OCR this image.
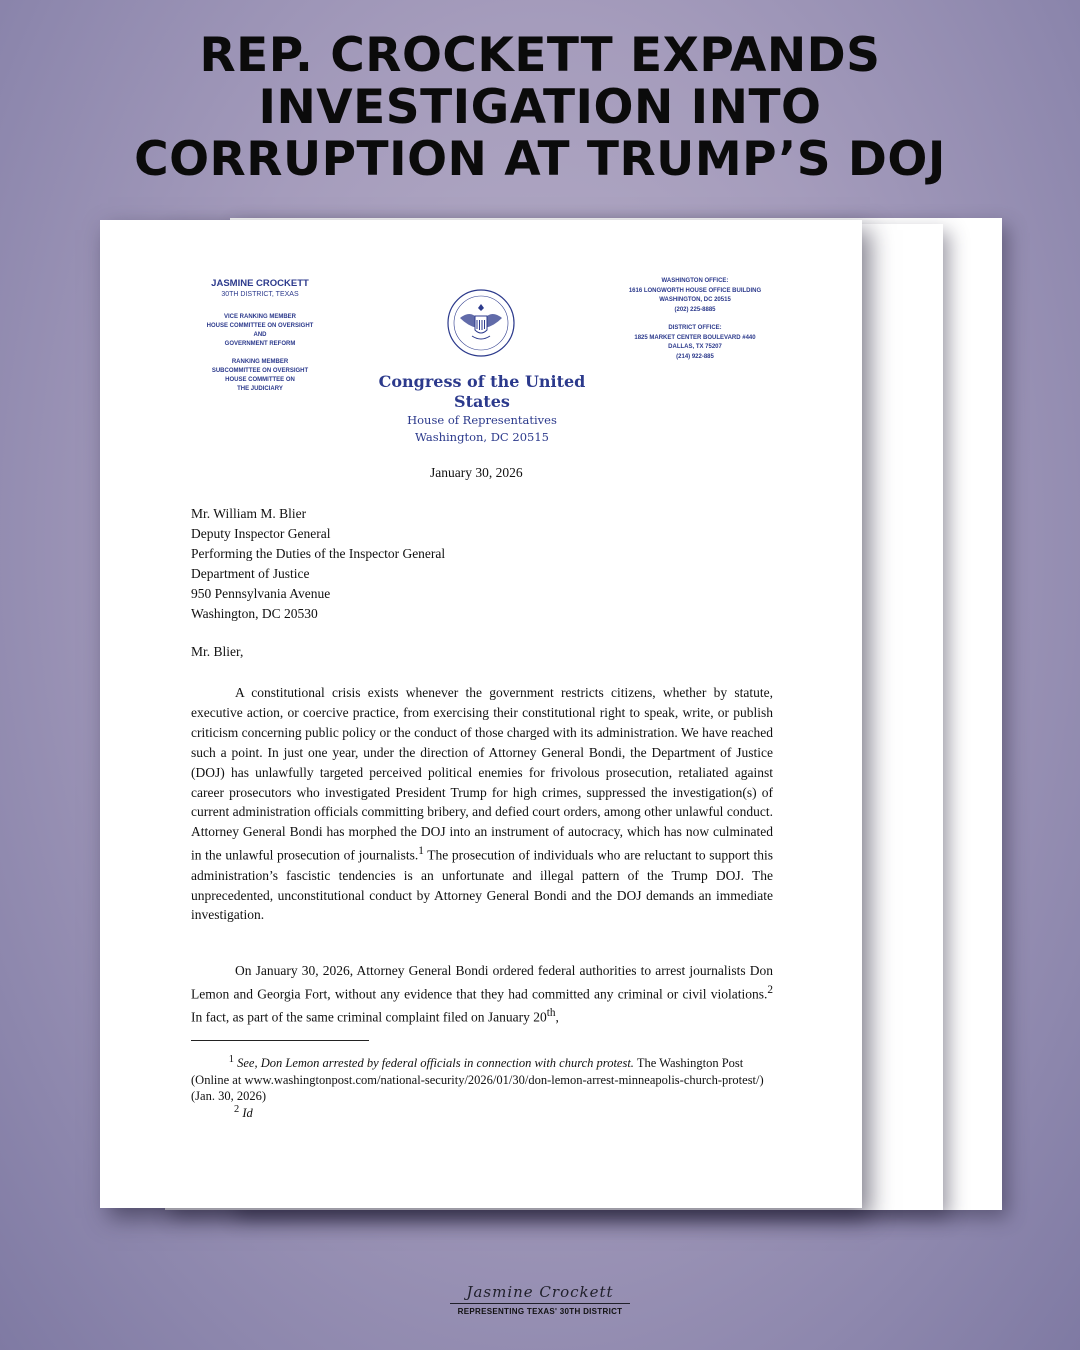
REP. CROCKETT EXPANDS
INVESTIGATION INTO
CORRUPTION AT TRUMP’S DOJ
JASMINE CROCKETT
30TH DISTRICT, TEXAS
VICE RANKING MEMBER
HOUSE COMMITTEE ON OVERSIGHT AND
GOVERNMENT REFORM
RANKING MEMBER
SUBCOMMITTEE ON OVERSIGHT
HOUSE COMMITTEE ON
THE JUDICIARY	Congress of the United States
House of Representatives
Washington, DC 20515
WASHINGTON OFFICE:
1616 LONGWORTH HOUSE OFFICE BUILDING
WASHINGTON, DC 20515
(202) 225-8885
DISTRICT OFFICE:
1825 MARKET CENTER BOULEVARD #440
DALLAS, TX 75207
(214) 922-885
January 30, 2026
Mr. William M. Blier
Deputy Inspector General
Performing the Duties of the Inspector General
Department of Justice
950 Pennsylvania Avenue
Washington, DC 20530
Mr. Blier,
A constitutional crisis exists whenever the government restricts citizens, whether by statute, executive action, or coercive practice, from exercising their constitutional right to speak, write, or publish criticism concerning public policy or the conduct of those charged with its administration. We have reached such a point. In just one year, under the direction of Attorney General Bondi, the Department of Justice (DOJ) has unlawfully targeted perceived political enemies for frivolous prosecution, retaliated against career prosecutors who investigated President Trump for high crimes, suppressed the investigation(s) of current administration officials committing bribery, and defied court orders, among other unlawful conduct. Attorney General Bondi has morphed the DOJ into an instrument of autocracy, which has now culminated in the unlawful prosecution of journalists.$^1$ The prosecution of individuals who are reluctant to support this administration’s fascistic tendencies is an unfortunate and illegal pattern of the Trump DOJ. The unprecedented, unconstitutional conduct by Attorney General Bondi and the DOJ demands an immediate investigation.
On January 30, 2026, Attorney General Bondi ordered federal authorities to arrest journalists Don Lemon and Georgia Fort, without any evidence that they had committed any criminal or civil violations.$^2$ In fact, as part of the same criminal complaint filed on January 20th,
$^1$ See, Don Lemon arrested by federal officials in connection with church protest. The Washington Post (Online at www.washingtonpost.com/national-security/2026/01/30/don-lemon-arrest-minneapolis-church-protest/) (Jan. 30, 2026)
$^2$ Id
Jasmine Crockett
REPRESENTING TEXAS' 30TH DISTRICT
